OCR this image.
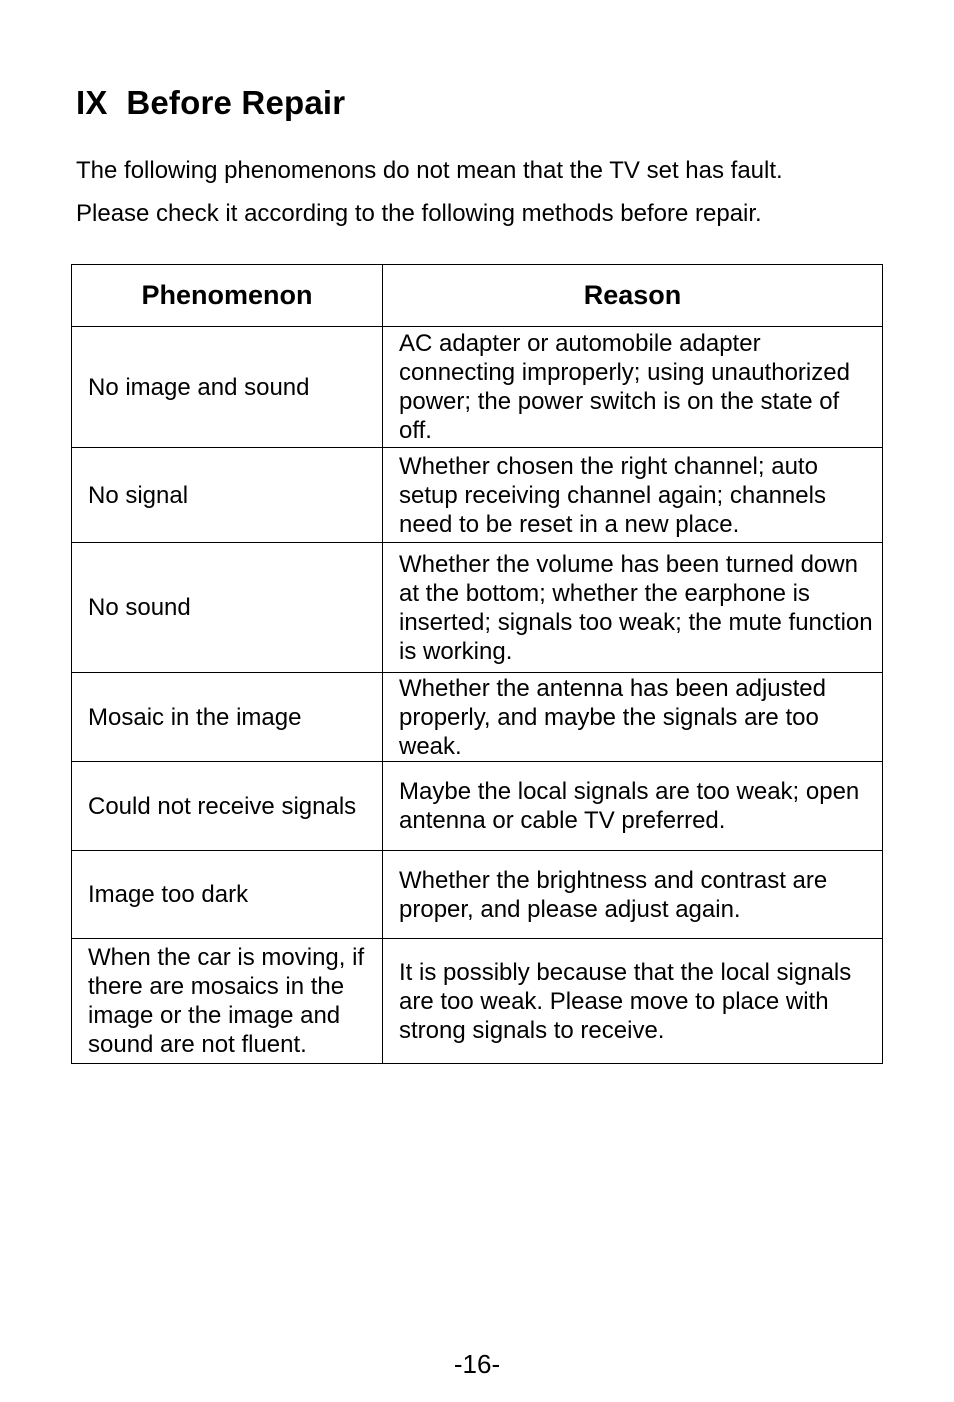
IX  Before Repair

The following phenomenons do not mean that the TV set has fault.

Please check it according to the following methods before repair.

Phenomenon	Reason
No image and sound	AC adapter or automobile adapter connecting improperly; using unauthorized power; the power switch is on the state of off.
No signal	Whether chosen the right channel; auto setup receiving channel again; channels need to be reset in a new place.
No sound	Whether the volume has been turned down at the bottom; whether the earphone is inserted; signals too weak; the mute function is working.
Mosaic in the image	Whether the antenna has been adjusted properly, and maybe the signals are too weak.
Could not receive signals	Maybe the local signals are too weak; open antenna or cable TV preferred.
Image too dark	Whether the brightness and contrast are proper, and please adjust again.
When the car is moving, if there are mosaics in the image or the image and sound are not fluent.	It is possibly because that the local signals are too weak. Please move to place with strong signals to receive.
-16-
